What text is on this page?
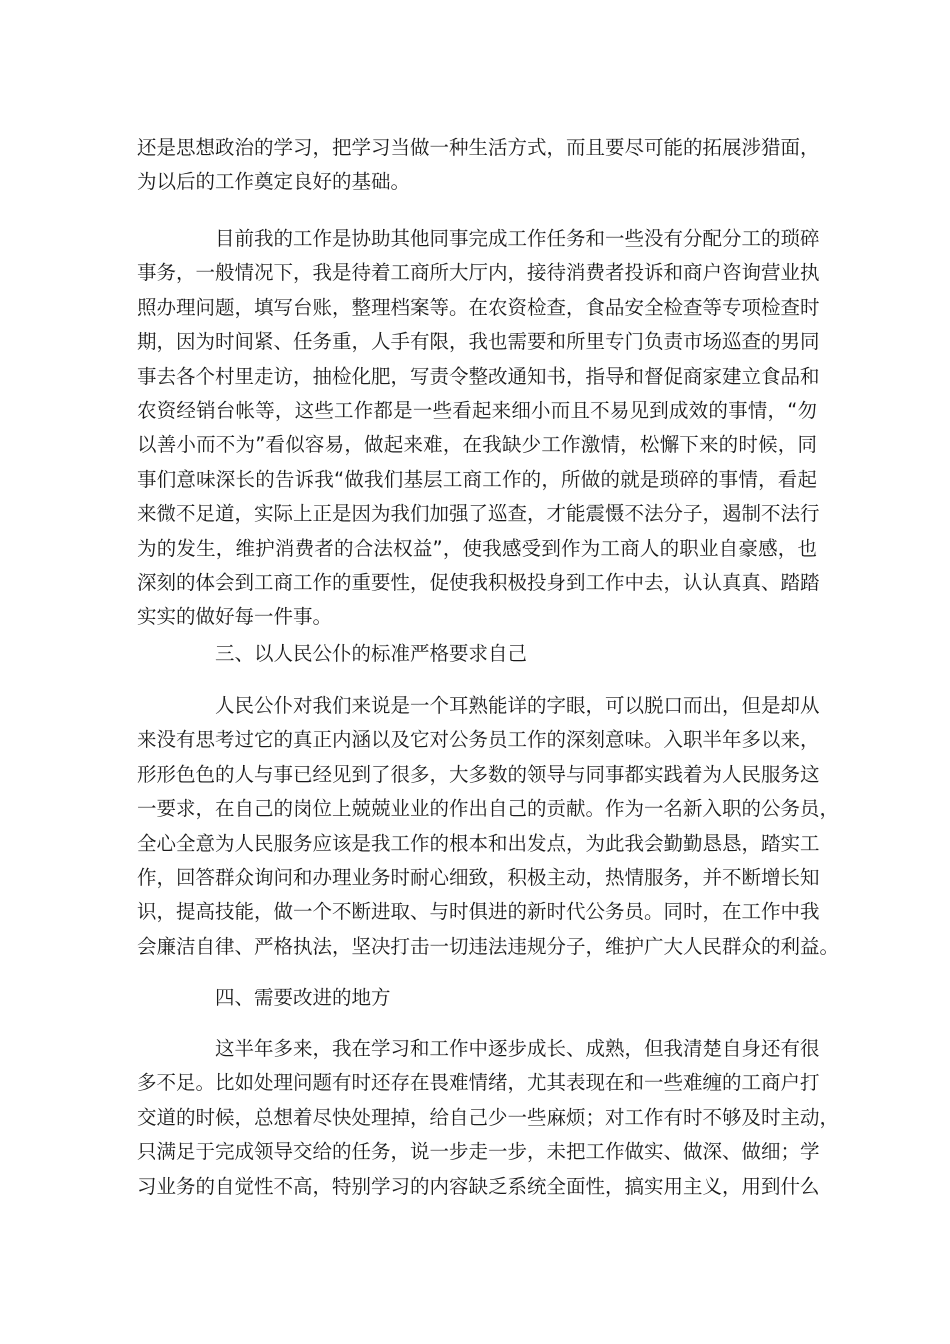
还是思想政治的学习，把学习当做一种生活方式，而且要尽可能的拓展涉猎面，
为以后的工作奠定良好的基础。
目前我的工作是协助其他同事完成工作任务和一些没有分配分工的琐碎
事务，一般情况下，我是待着工商所大厅内，接待消费者投诉和商户咨询营业执
照办理问题，填写台账，整理档案等。在农资检查，食品安全检查等专项检查时
期，因为时间紧、任务重，人手有限，我也需要和所里专门负责市场巡查的男同
事去各个村里走访，抽检化肥，写责令整改通知书，指导和督促商家建立食品和
农资经销台帐等，这些工作都是一些看起来细小而且不易见到成效的事情，“勿
以善小而不为”看似容易，做起来难，在我缺少工作激情，松懈下来的时候，同
事们意味深长的告诉我“做我们基层工商工作的，所做的就是琐碎的事情，看起
来微不足道，实际上正是因为我们加强了巡查，才能震慑不法分子，遏制不法行
为的发生，维护消费者的合法权益”，使我感受到作为工商人的职业自豪感，也
深刻的体会到工商工作的重要性，促使我积极投身到工作中去，认认真真、踏踏
实实的做好每一件事。
三、以人民公仆的标准严格要求自己
人民公仆对我们来说是一个耳熟能详的字眼，可以脱口而出，但是却从
来没有思考过它的真正内涵以及它对公务员工作的深刻意味。入职半年多以来，
形形色色的人与事已经见到了很多，大多数的领导与同事都实践着为人民服务这
一要求，在自己的岗位上兢兢业业的作出自己的贡献。作为一名新入职的公务员，
全心全意为人民服务应该是我工作的根本和出发点，为此我会勤勤恳恳，踏实工
作，回答群众询问和办理业务时耐心细致，积极主动，热情服务，并不断增长知
识，提高技能，做一个不断进取、与时俱进的新时代公务员。同时，在工作中我
会廉洁自律、严格执法，坚决打击一切违法违规分子，维护广大人民群众的利益。
四、需要改进的地方
这半年多来，我在学习和工作中逐步成长、成熟，但我清楚自身还有很
多不足。比如处理问题有时还存在畏难情绪，尤其表现在和一些难缠的工商户打
交道的时候，总想着尽快处理掉，给自己少一些麻烦；对工作有时不够及时主动，
只满足于完成领导交给的任务，说一步走一步，未把工作做实、做深、做细；学
习业务的自觉性不高，特别学习的内容缺乏系统全面性，搞实用主义，用到什么
